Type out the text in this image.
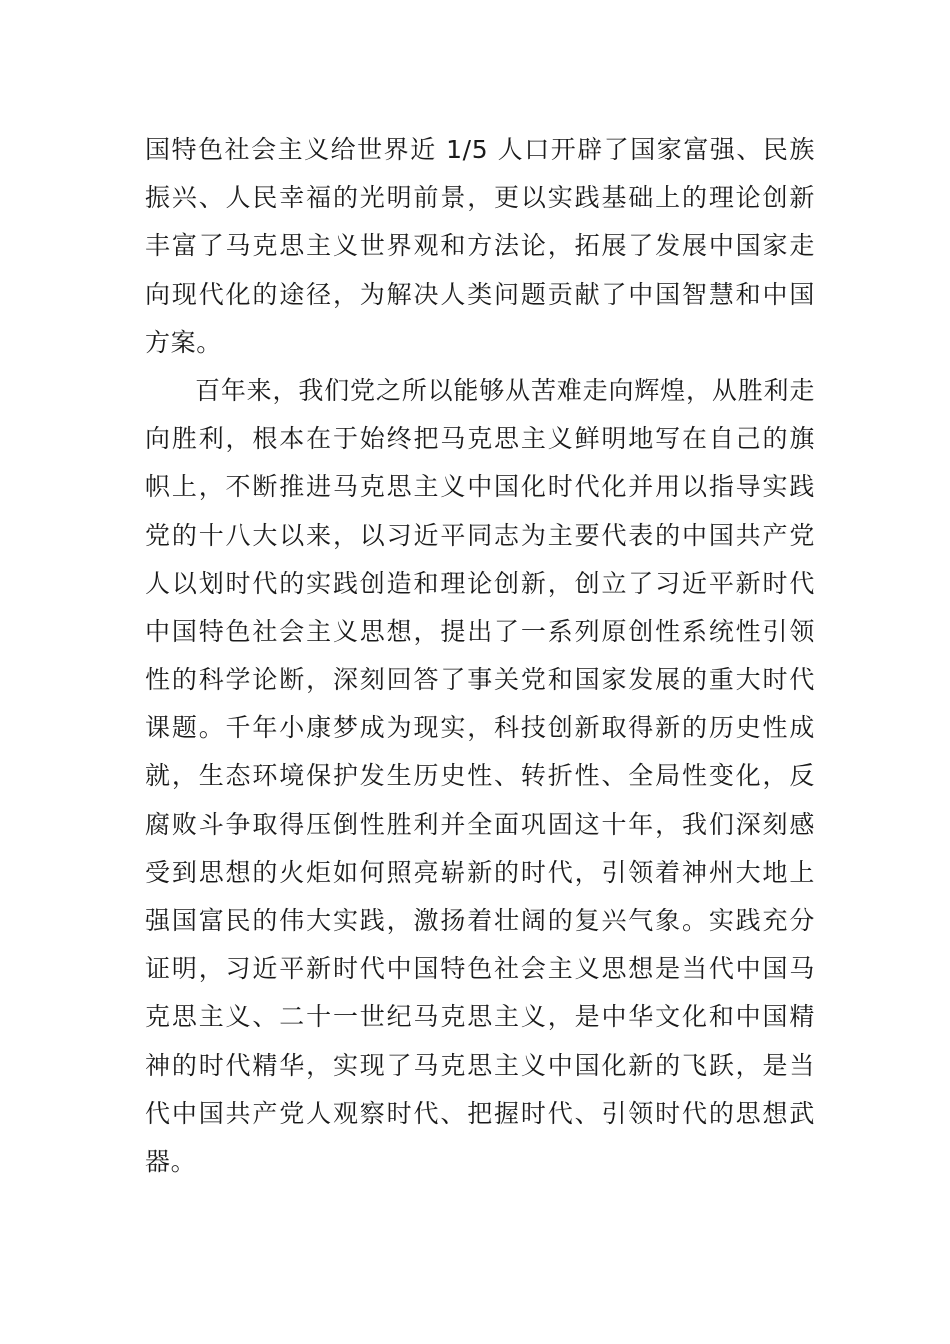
国特色社会主义给世界近 1/5 人口开辟了国家富强、民族
振兴、人民幸福的光明前景，更以实践基础上的理论创新
丰富了马克思主义世界观和方法论，拓展了发展中国家走
向现代化的途径，为解决人类问题贡献了中国智慧和中国
方案。
百年来，我们党之所以能够从苦难走向辉煌，从胜利走
向胜利，根本在于始终把马克思主义鲜明地写在自己的旗
帜上，不断推进马克思主义中国化时代化并用以指导实践
党的十八大以来，以习近平同志为主要代表的中国共产党
人以划时代的实践创造和理论创新，创立了习近平新时代
中国特色社会主义思想，提出了一系列原创性系统性引领
性的科学论断，深刻回答了事关党和国家发展的重大时代
课题。千年小康梦成为现实，科技创新取得新的历史性成
就，生态环境保护发生历史性、转折性、全局性变化，反
腐败斗争取得压倒性胜利并全面巩固这十年，我们深刻感
受到思想的火炬如何照亮崭新的时代，引领着神州大地上
强国富民的伟大实践，激扬着壮阔的复兴气象。实践充分
证明，习近平新时代中国特色社会主义思想是当代中国马
克思主义、二十一世纪马克思主义，是中华文化和中国精
神的时代精华，实现了马克思主义中国化新的飞跃，是当
代中国共产党人观察时代、把握时代、引领时代的思想武
器。
